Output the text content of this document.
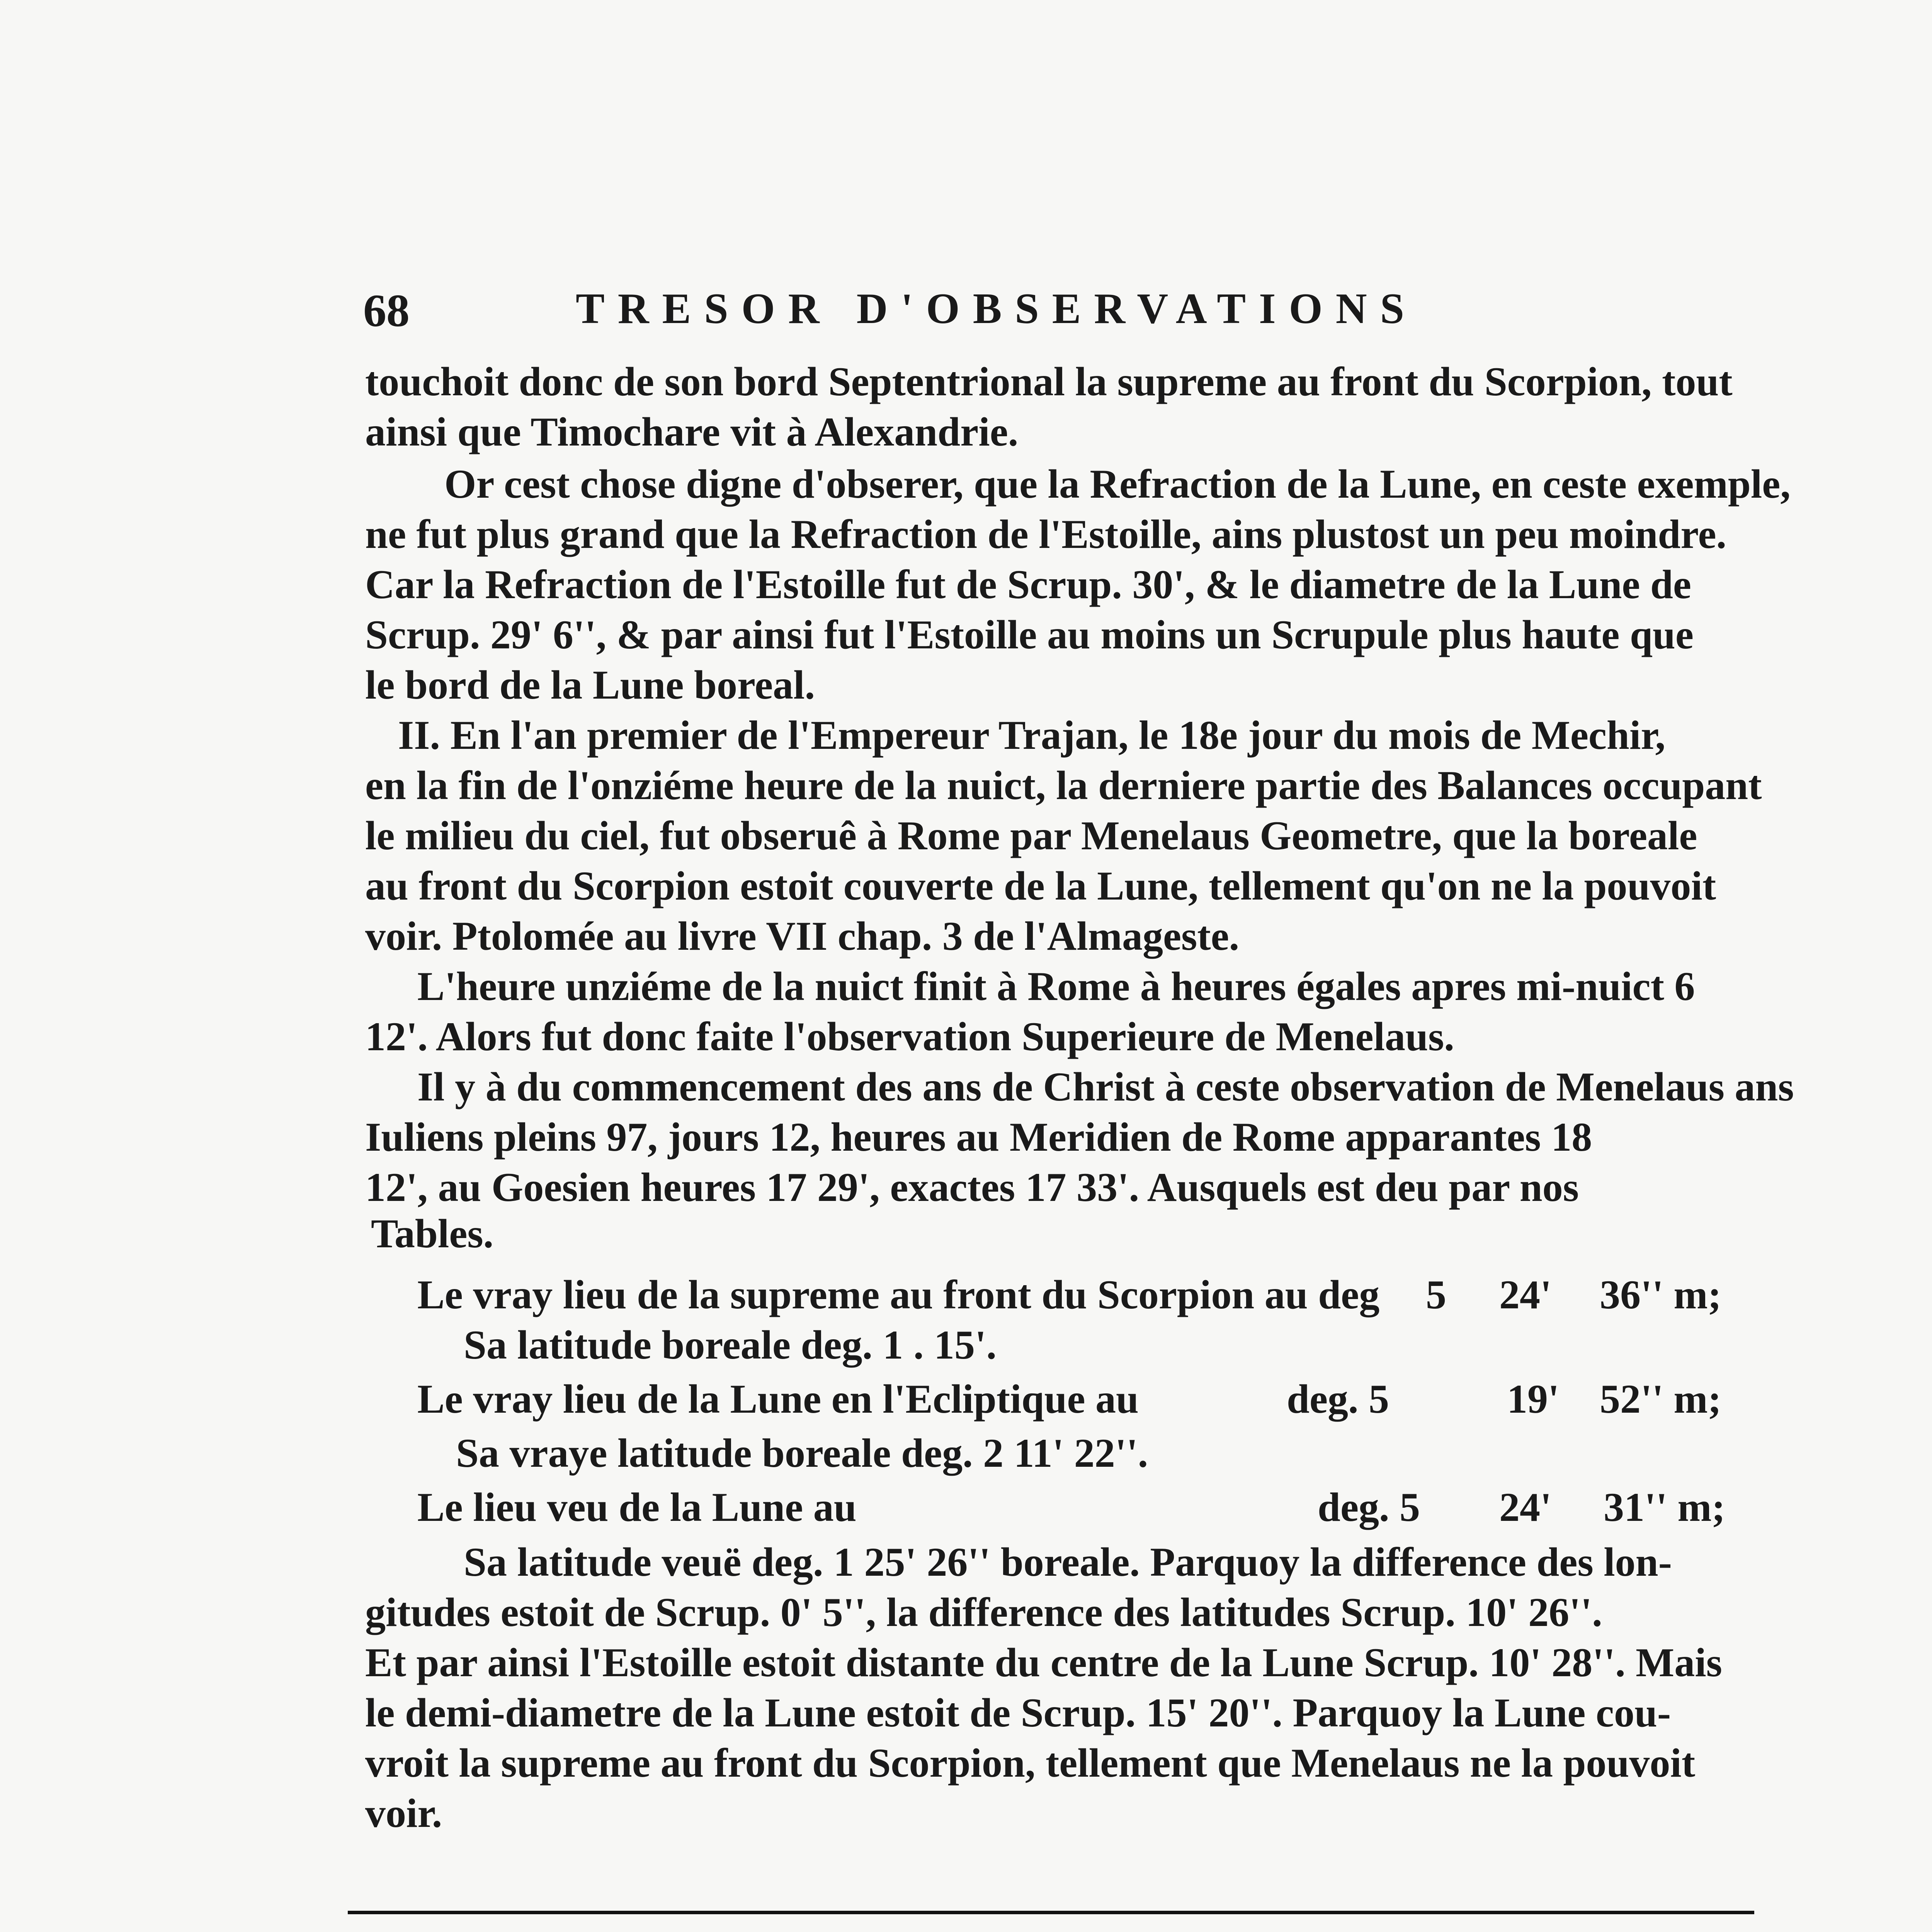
68	TRESOR D'OBSERVATIONS
touchoit donc de son bord Septentrional la supreme au front du Scorpion, tout
ainsi que Timochare vit à Alexandrie.
Or cest chose digne d'obserer, que la Refraction de la Lune, en ceste exemple,
ne fut plus grand que la Refraction de l'Estoille, ains plustost un peu moindre.
Car la Refraction de l'Estoille fut de Scrup. 30', & le diametre de la Lune de
Scrup. 29' 6'', & par ainsi fut l'Estoille au moins un Scrupule plus haute que
le bord de la Lune boreal.
II. En l'an premier de l'Empereur Trajan, le 18e jour du mois de Mechir,
en la fin de l'onziéme heure de la nuict, la derniere partie des Balances occupant
le milieu du ciel, fut obseruê à Rome par Menelaus Geometre, que la boreale
au front du Scorpion estoit couverte de la Lune, tellement qu'on ne la pouvoit
voir. Ptolomée au livre VII chap. 3 de l'Almageste.
L'heure unziéme de la nuict finit à Rome à heures égales apres mi-nuict 6
12'. Alors fut donc faite l'observation Superieure de Menelaus.
Il y à du commencement des ans de Christ à ceste observation de Menelaus ans
Iuliens pleins 97, jours 12, heures au Meridien de Rome apparantes 18
12', au Goesien heures 17 29', exactes 17 33'. Ausquels est deu par nos
Tables.
Le vray lieu de la supreme au front du Scorpion au deg 5 24' 36'' m;
Sa latitude boreale deg. 1 . 15'.
Le vray lieu de la Lune en l'Ecliptique au	deg. 5	19' 52'' m;
Sa vraye latitude boreale deg. 2 11' 22''.
Le lieu veu de la Lune au	deg. 5 24' 31'' m;
Sa latitude veuë deg. 1 25' 26'' boreale. Parquoy la difference des lon-
gitudes estoit de Scrup. 0' 5'', la difference des latitudes Scrup. 10' 26''.
Et par ainsi l'Estoille estoit distante du centre de la Lune Scrup. 10' 28''. Mais
le demi-diametre de la Lune estoit de Scrup. 15' 20''. Parquoy la Lune cou-
vroit la supreme au front du Scorpion, tellement que Menelaus ne la pouvoit
voir.
